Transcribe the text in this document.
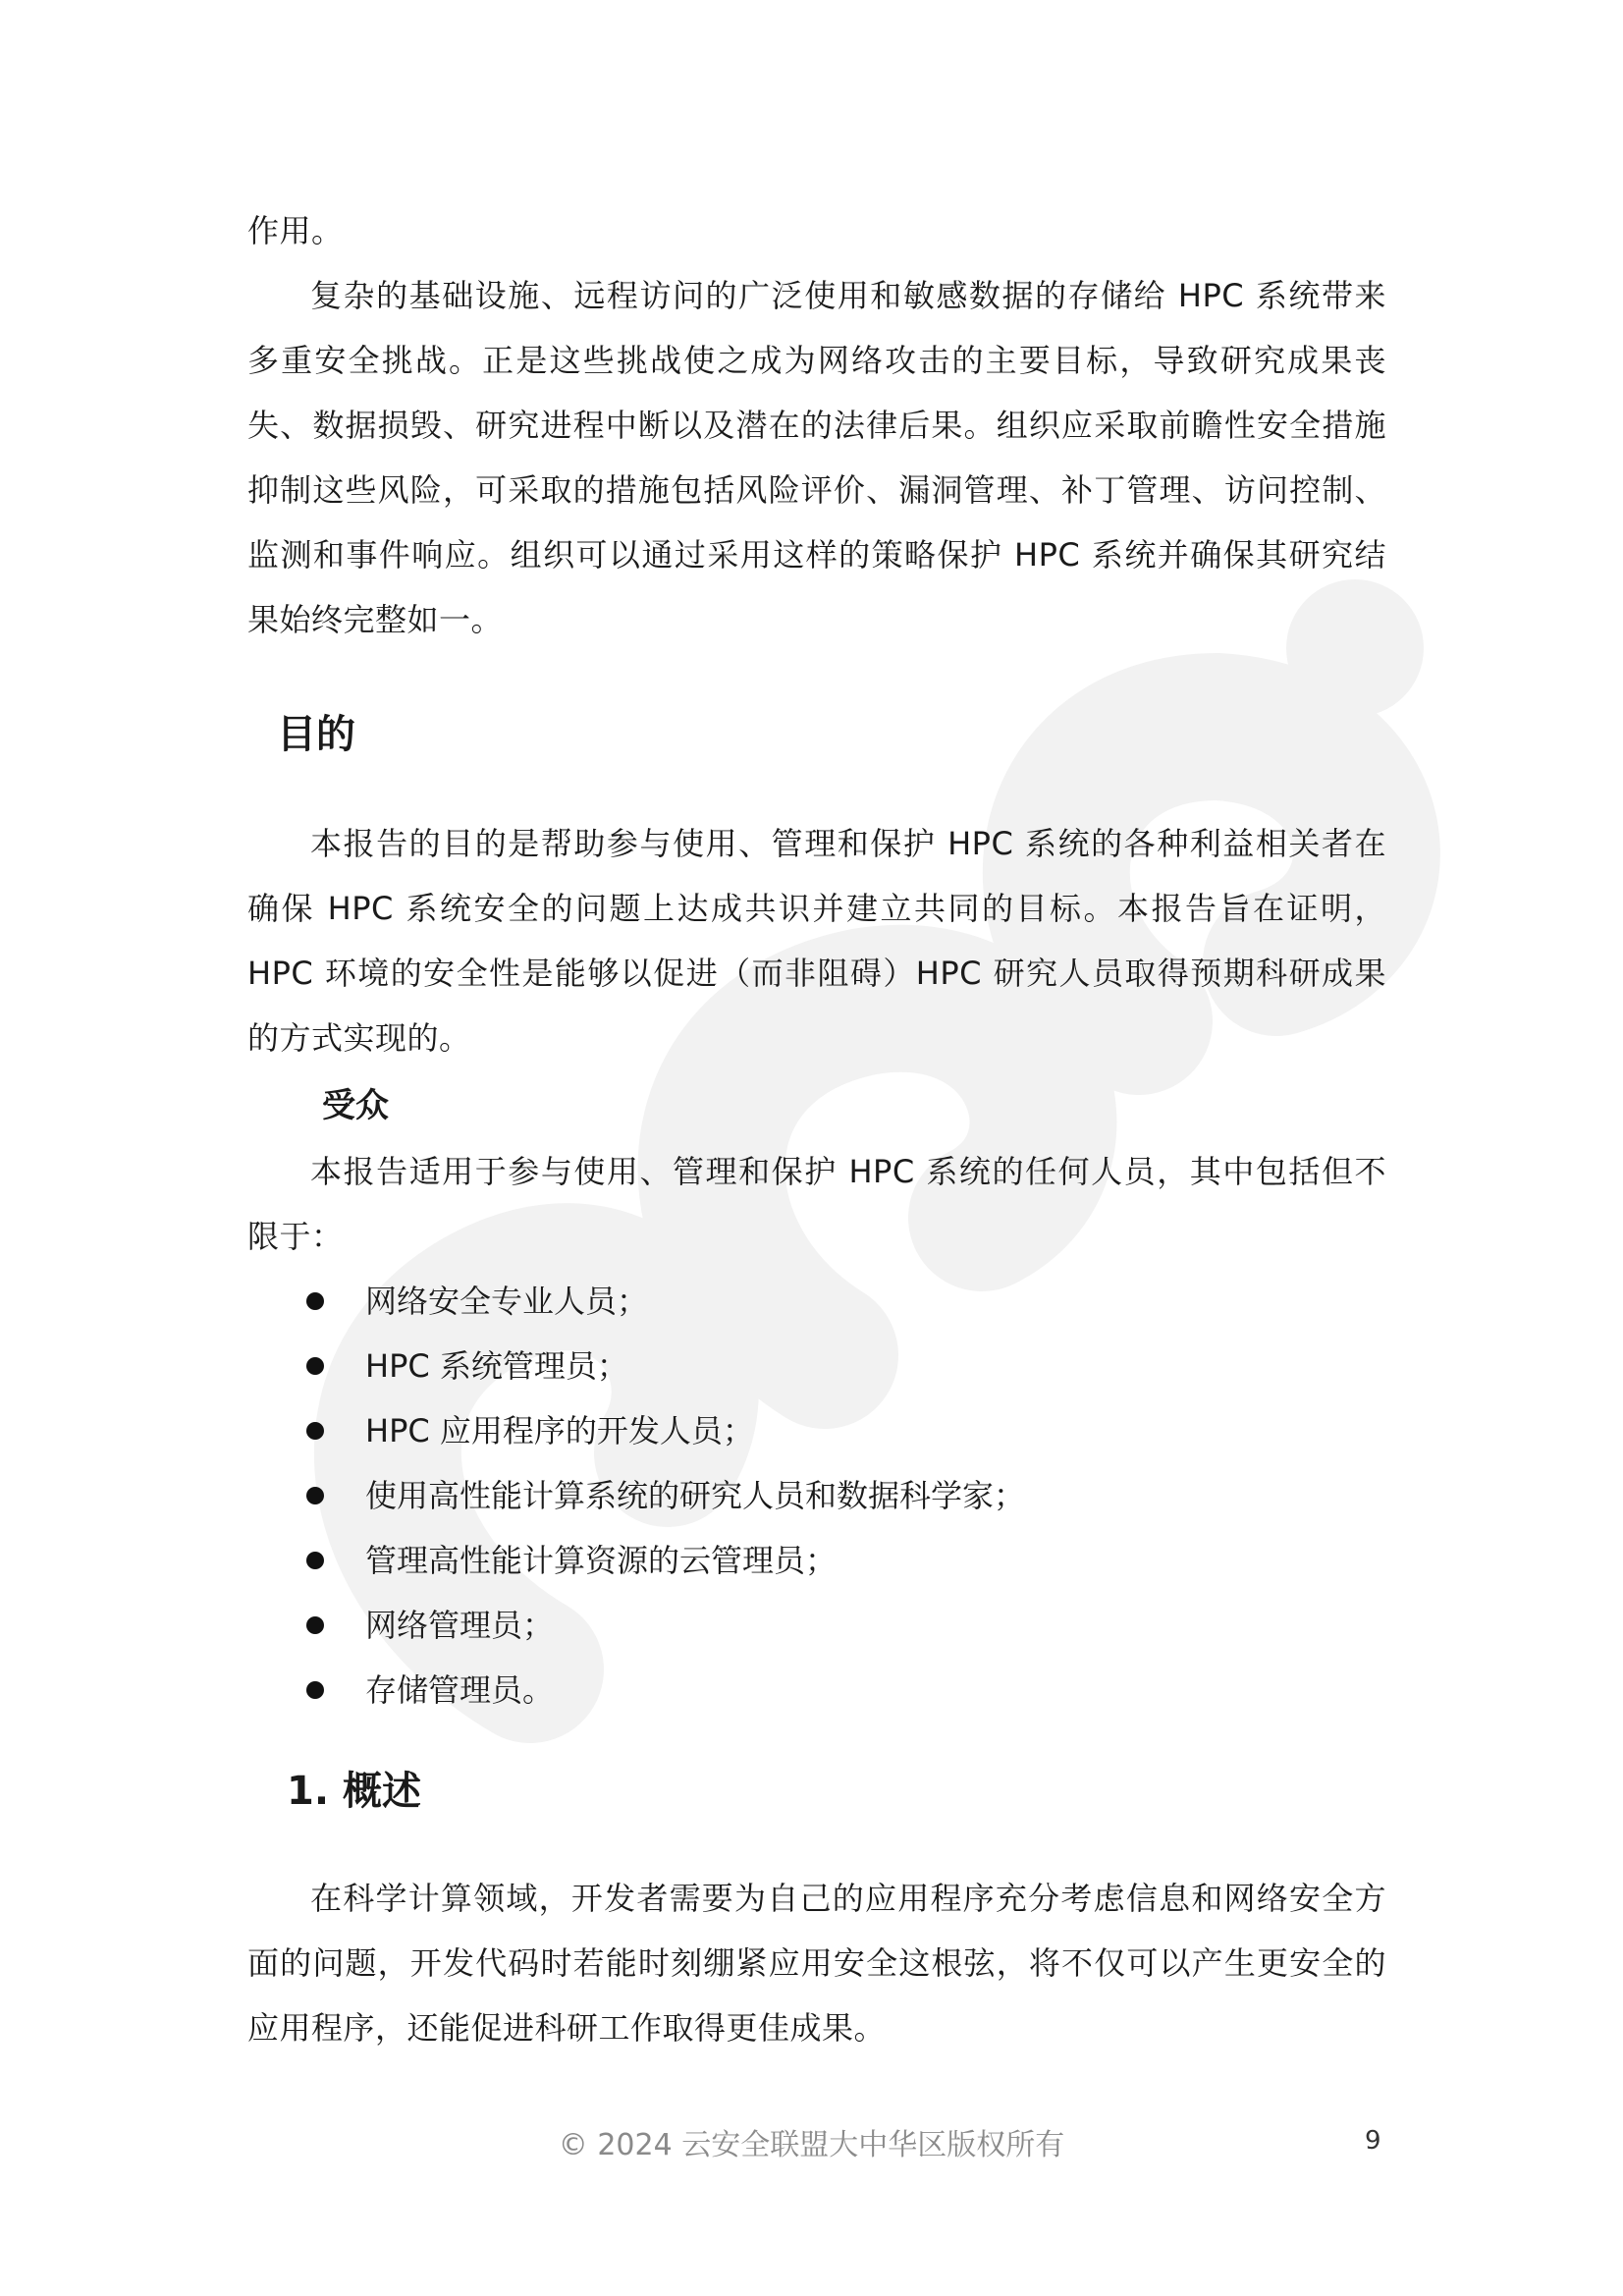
作用。

复杂的基础设施、远程访问的广泛使用和敏感数据的存储给 HPC 系统带来多重安全挑战。正是这些挑战使之成为网络攻击的主要目标，导致研究成果丧失、数据损毁、研究进程中断以及潜在的法律后果。组织应采取前瞻性安全措施抑制这些风险，可采取的措施包括风险评价、漏洞管理、补丁管理、访问控制、监测和事件响应。组织可以通过采用这样的策略保护 HPC 系统并确保其研究结果始终完整如一。

目的

本报告的目的是帮助参与使用、管理和保护 HPC 系统的各种利益相关者在确保 HPC 系统安全的问题上达成共识并建立共同的目标。本报告旨在证明，HPC 环境的安全性是能够以促进（而非阻碍）HPC 研究人员取得预期科研成果的方式实现的。

受众

本报告适用于参与使用、管理和保护 HPC 系统的任何人员，其中包括但不限于：

网络安全专业人员；
HPC 系统管理员；
HPC 应用程序的开发人员；
使用高性能计算系统的研究人员和数据科学家；
管理高性能计算资源的云管理员；
网络管理员；
存储管理员。
1. 概述

在科学计算领域，开发者需要为自己的应用程序充分考虑信息和网络安全方面的问题，开发代码时若能时刻绷紧应用安全这根弦，将不仅可以产生更安全的应用程序，还能促进科研工作取得更佳成果。

© 2024 云安全联盟大中华区版权所有	9
